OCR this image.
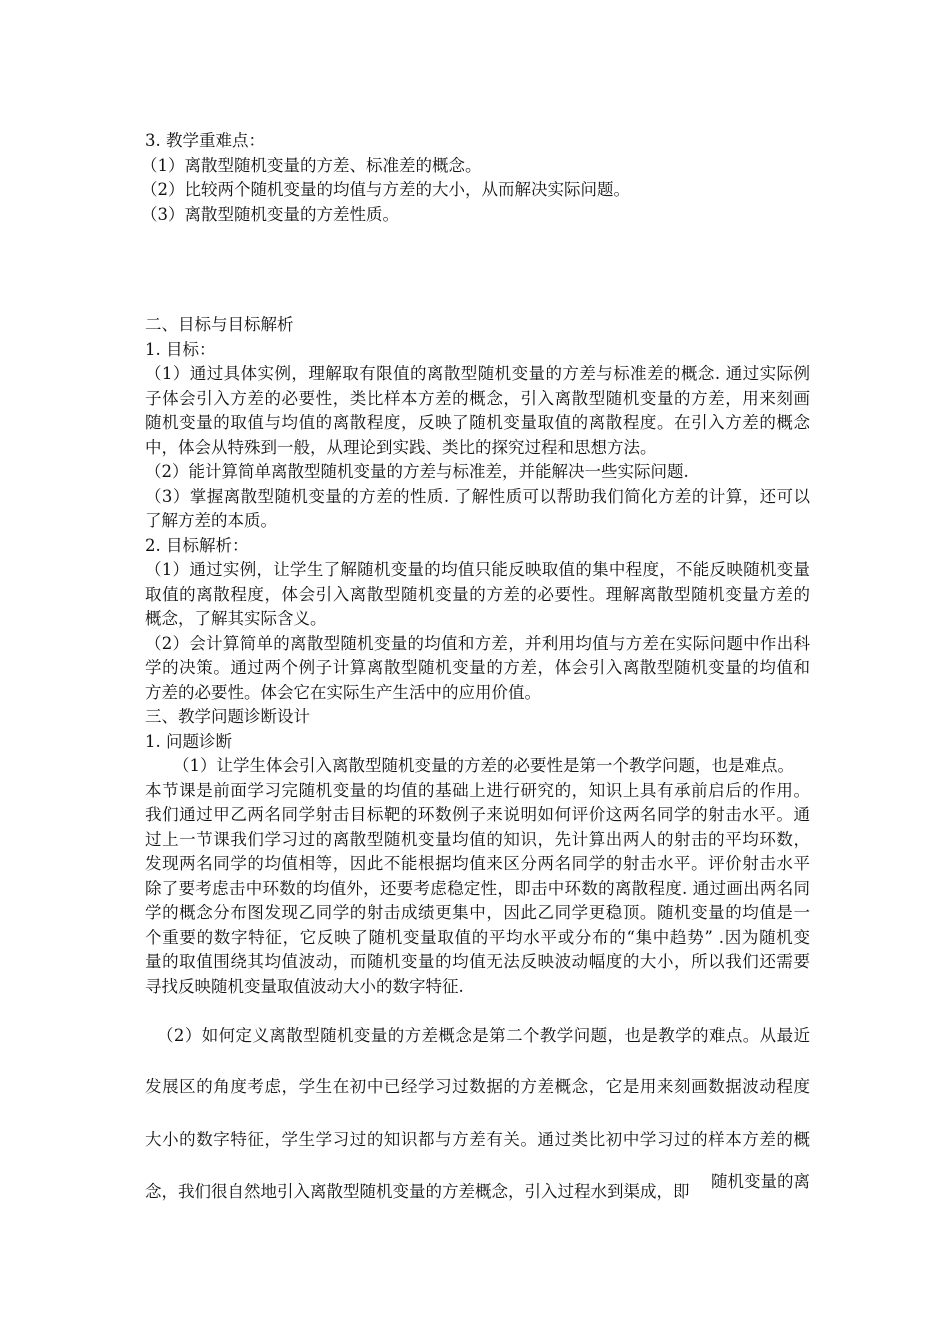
3. 教学重难点：
（1）离散型随机变量的方差、标准差的概念。
（2）比较两个随机变量的均值与方差的大小，从而解决实际问题。
（3）离散型随机变量的方差性质。
二、目标与目标解析
1. 目标：
（1）通过具体实例，理解取有限值的离散型随机变量的方差与标准差的概念. 通过实际例
子体会引入方差的必要性，类比样本方差的概念，引入离散型随机变量的方差，用来刻画
随机变量的取值与均值的离散程度，反映了随机变量取值的离散程度。在引入方差的概念
中，体会从特殊到一般，从理论到实践、类比的探究过程和思想方法。
（2）能计算简单离散型随机变量的方差与标准差，并能解决一些实际问题.
（3）掌握离散型随机变量的方差的性质. 了解性质可以帮助我们简化方差的计算，还可以
了解方差的本质。
2. 目标解析：
（1）通过实例，让学生了解随机变量的均值只能反映取值的集中程度，不能反映随机变量
取值的离散程度，体会引入离散型随机变量的方差的必要性。理解离散型随机变量方差的
概念，了解其实际含义。
（2）会计算简单的离散型随机变量的均值和方差，并利用均值与方差在实际问题中作出科
学的决策。通过两个例子计算离散型随机变量的方差，体会引入离散型随机变量的均值和
方差的必要性。体会它在实际生产生活中的应用价值。
三、教学问题诊断设计
1. 问题诊断
（1）让学生体会引入离散型随机变量的方差的必要性是第一个教学问题，也是难点。
本节课是前面学习完随机变量的均值的基础上进行研究的，知识上具有承前启后的作用。
我们通过甲乙两名同学射击目标靶的环数例子来说明如何评价这两名同学的射击水平。通
过上一节课我们学习过的离散型随机变量均值的知识，先计算出两人的射击的平均环数，
发现两名同学的均值相等，因此不能根据均值来区分两名同学的射击水平。评价射击水平
除了要考虑击中环数的均值外，还要考虑稳定性，即击中环数的离散程度. 通过画出两名同
学的概念分布图发现乙同学的射击成绩更集中，因此乙同学更稳顶。随机变量的均值是一
个重要的数字特征，它反映了随机变量取值的平均水平或分布的“集中趋势” .因为随机变
量的取值围绕其均值波动，而随机变量的均值无法反映波动幅度的大小，所以我们还需要
寻找反映随机变量取值波动大小的数字特征.
（2）如何定义离散型随机变量的方差概念是第二个教学问题，也是教学的难点。从最近
发展区的角度考虑，学生在初中已经学习过数据的方差概念，它是用来刻画数据波动程度
大小的数字特征，学生学习过的知识都与方差有关。通过类比初中学习过的样本方差的概
念，我们很自然地引入离散型随机变量的方差概念，引入过程水到渠成，即
随机变量的离
